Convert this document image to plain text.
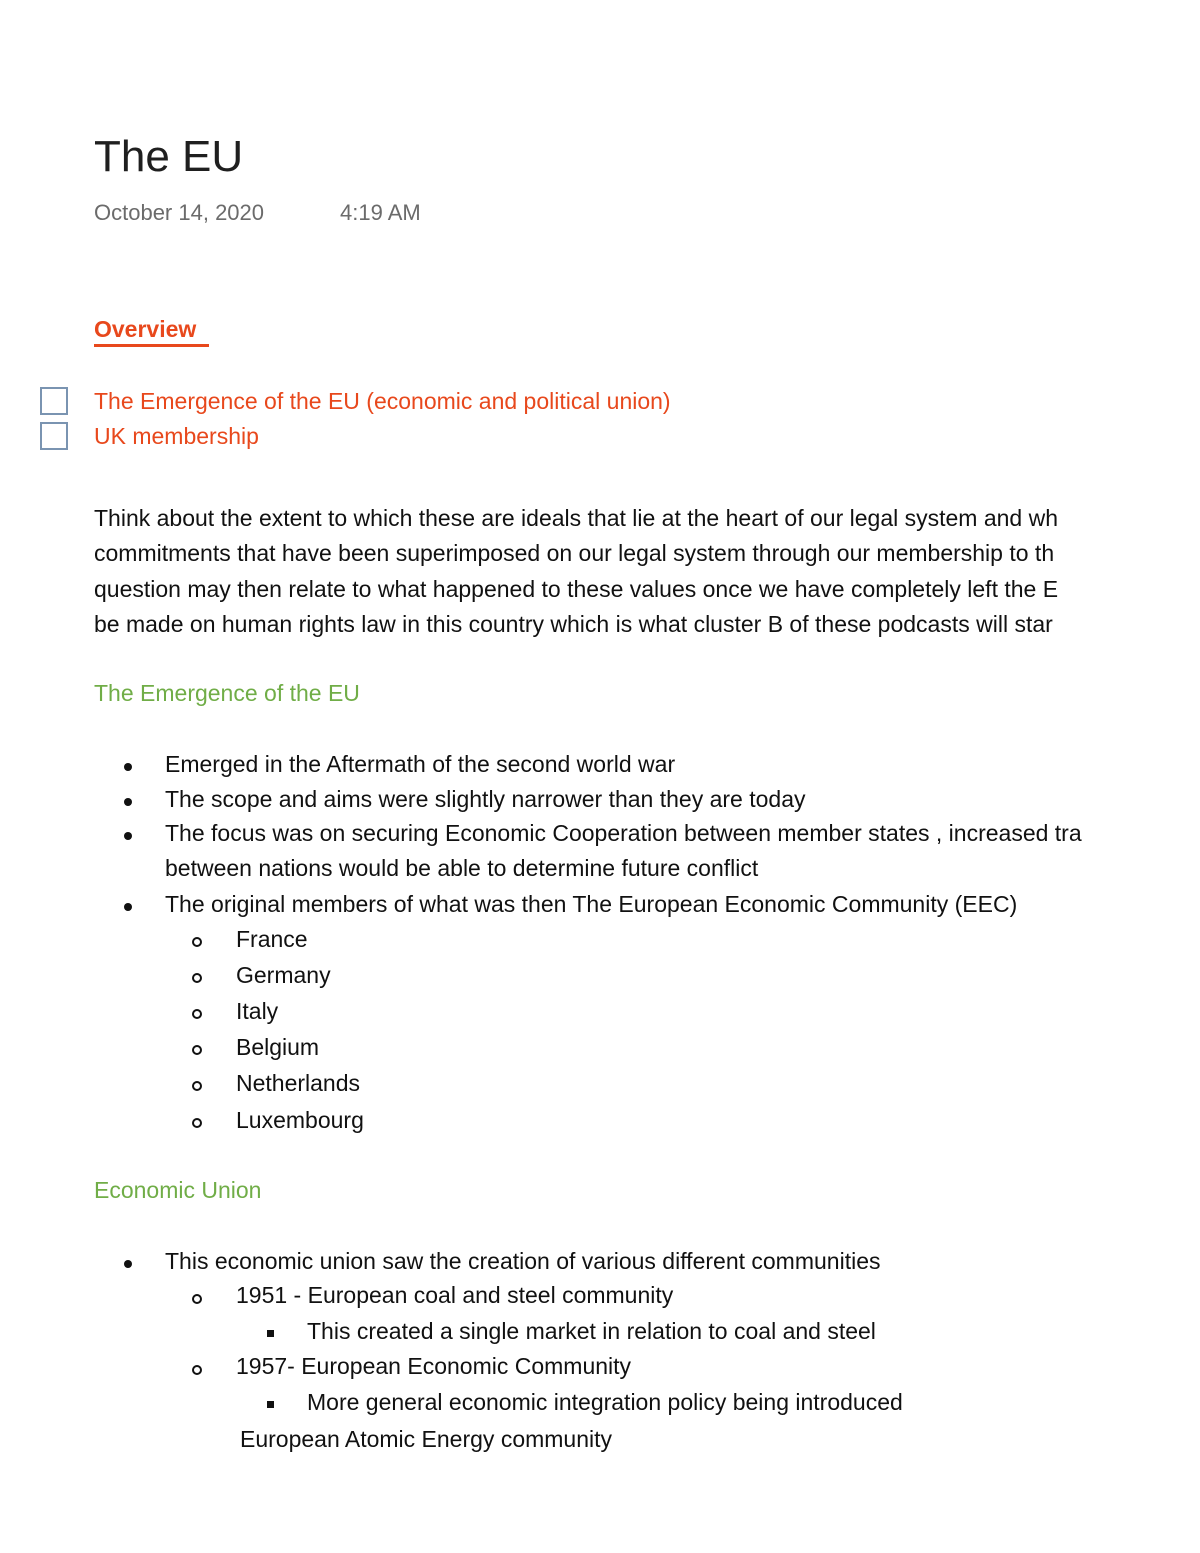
The EU
October 14, 2020	4:19 AM
Overview
The Emergence of the EU (economic and political union)
UK membership
Think about the extent to which these are ideals that lie at the heart of our legal system and wh
commitments that have been superimposed on our legal system through our membership to th
question may then relate to what happened to these values once we have completely left the E
be made on human rights law in this country which is what cluster B of these podcasts will star
The Emergence of the EU
Emerged in the Aftermath of the second world war
The scope and aims were slightly narrower than they are today
The focus was on securing Economic Cooperation between member states , increased tra
between nations would be able to determine future conflict
The original members of what was then The European Economic Community (EEC)
France
Germany
Italy
Belgium
Netherlands
Luxembourg
Economic Union
This economic union saw the creation of various different communities
1951 - European coal and steel community
This created a single market in relation to coal and steel
1957- European Economic Community
More general economic integration policy being introduced
European Atomic Energy community
